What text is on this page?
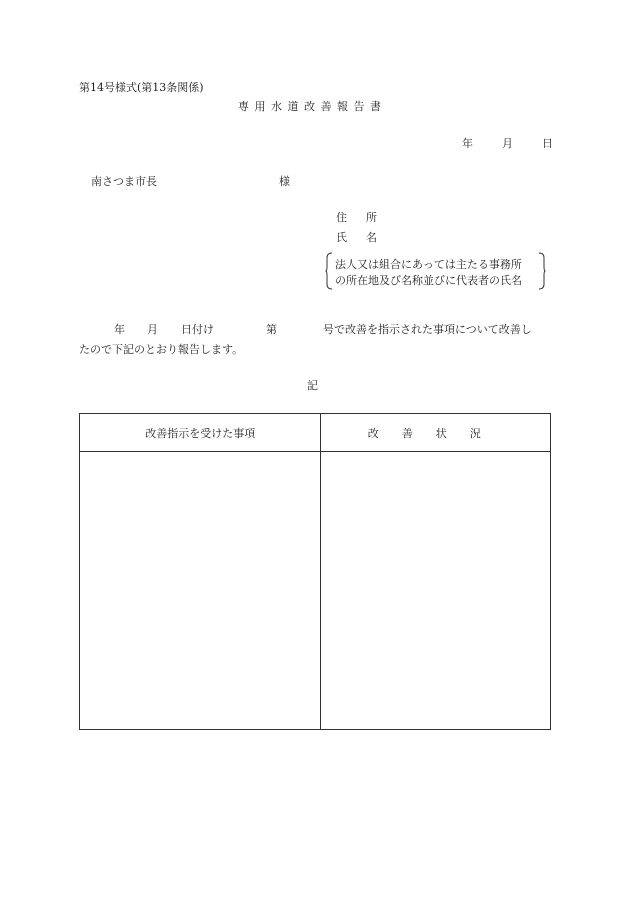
第14号様式(第13条関係)
専用水道改善報告書
年	月	日
南さつま市長	様
住所
氏名
法人又は組合にあっては主たる事務所
の所在地及び名称並びに代表者の氏名
年 月 日付け	第	号で改善を指示された事項について改善し
たので下記のとおり報告します。
記
改善指示を受けた事項	改善状況
